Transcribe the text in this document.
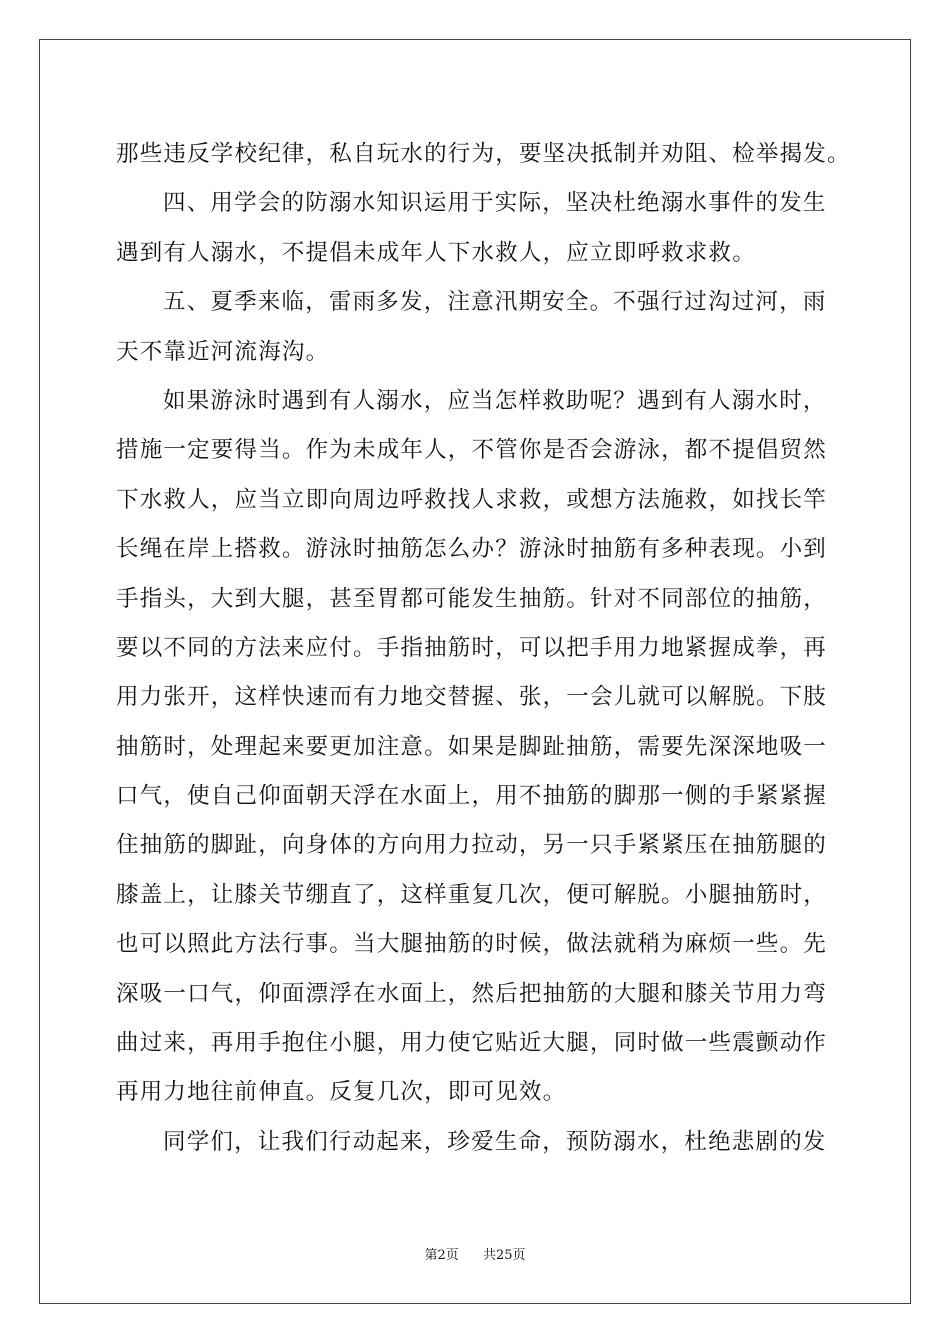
那些违反学校纪律，私自玩水的行为，要坚决抵制并劝阻、检举揭发。
四、用学会的防溺水知识运用于实际，坚决杜绝溺水事件的发生
遇到有人溺水，不提倡未成年人下水救人，应立即呼救求救。
五、夏季来临，雷雨多发，注意汛期安全。不强行过沟过河，雨
天不靠近河流海沟。
如果游泳时遇到有人溺水，应当怎样救助呢？遇到有人溺水时，
措施一定要得当。作为未成年人，不管你是否会游泳，都不提倡贸然
下水救人，应当立即向周边呼救找人求救，或想方法施救，如找长竿
长绳在岸上搭救。游泳时抽筋怎么办？游泳时抽筋有多种表现。小到
手指头，大到大腿，甚至胃都可能发生抽筋。针对不同部位的抽筋，
要以不同的方法来应付。手指抽筋时，可以把手用力地紧握成拳，再
用力张开，这样快速而有力地交替握、张，一会儿就可以解脱。下肢
抽筋时，处理起来要更加注意。如果是脚趾抽筋，需要先深深地吸一
口气，使自己仰面朝天浮在水面上，用不抽筋的脚那一侧的手紧紧握
住抽筋的脚趾，向身体的方向用力拉动，另一只手紧紧压在抽筋腿的
膝盖上，让膝关节绷直了，这样重复几次，便可解脱。小腿抽筋时，
也可以照此方法行事。当大腿抽筋的时候，做法就稍为麻烦一些。先
深吸一口气，仰面漂浮在水面上，然后把抽筋的大腿和膝关节用力弯
曲过来，再用手抱住小腿，用力使它贴近大腿，同时做一些震颤动作
再用力地往前伸直。反复几次，即可见效。
同学们，让我们行动起来，珍爱生命，预防溺水，杜绝悲剧的发
第2页 共25页
